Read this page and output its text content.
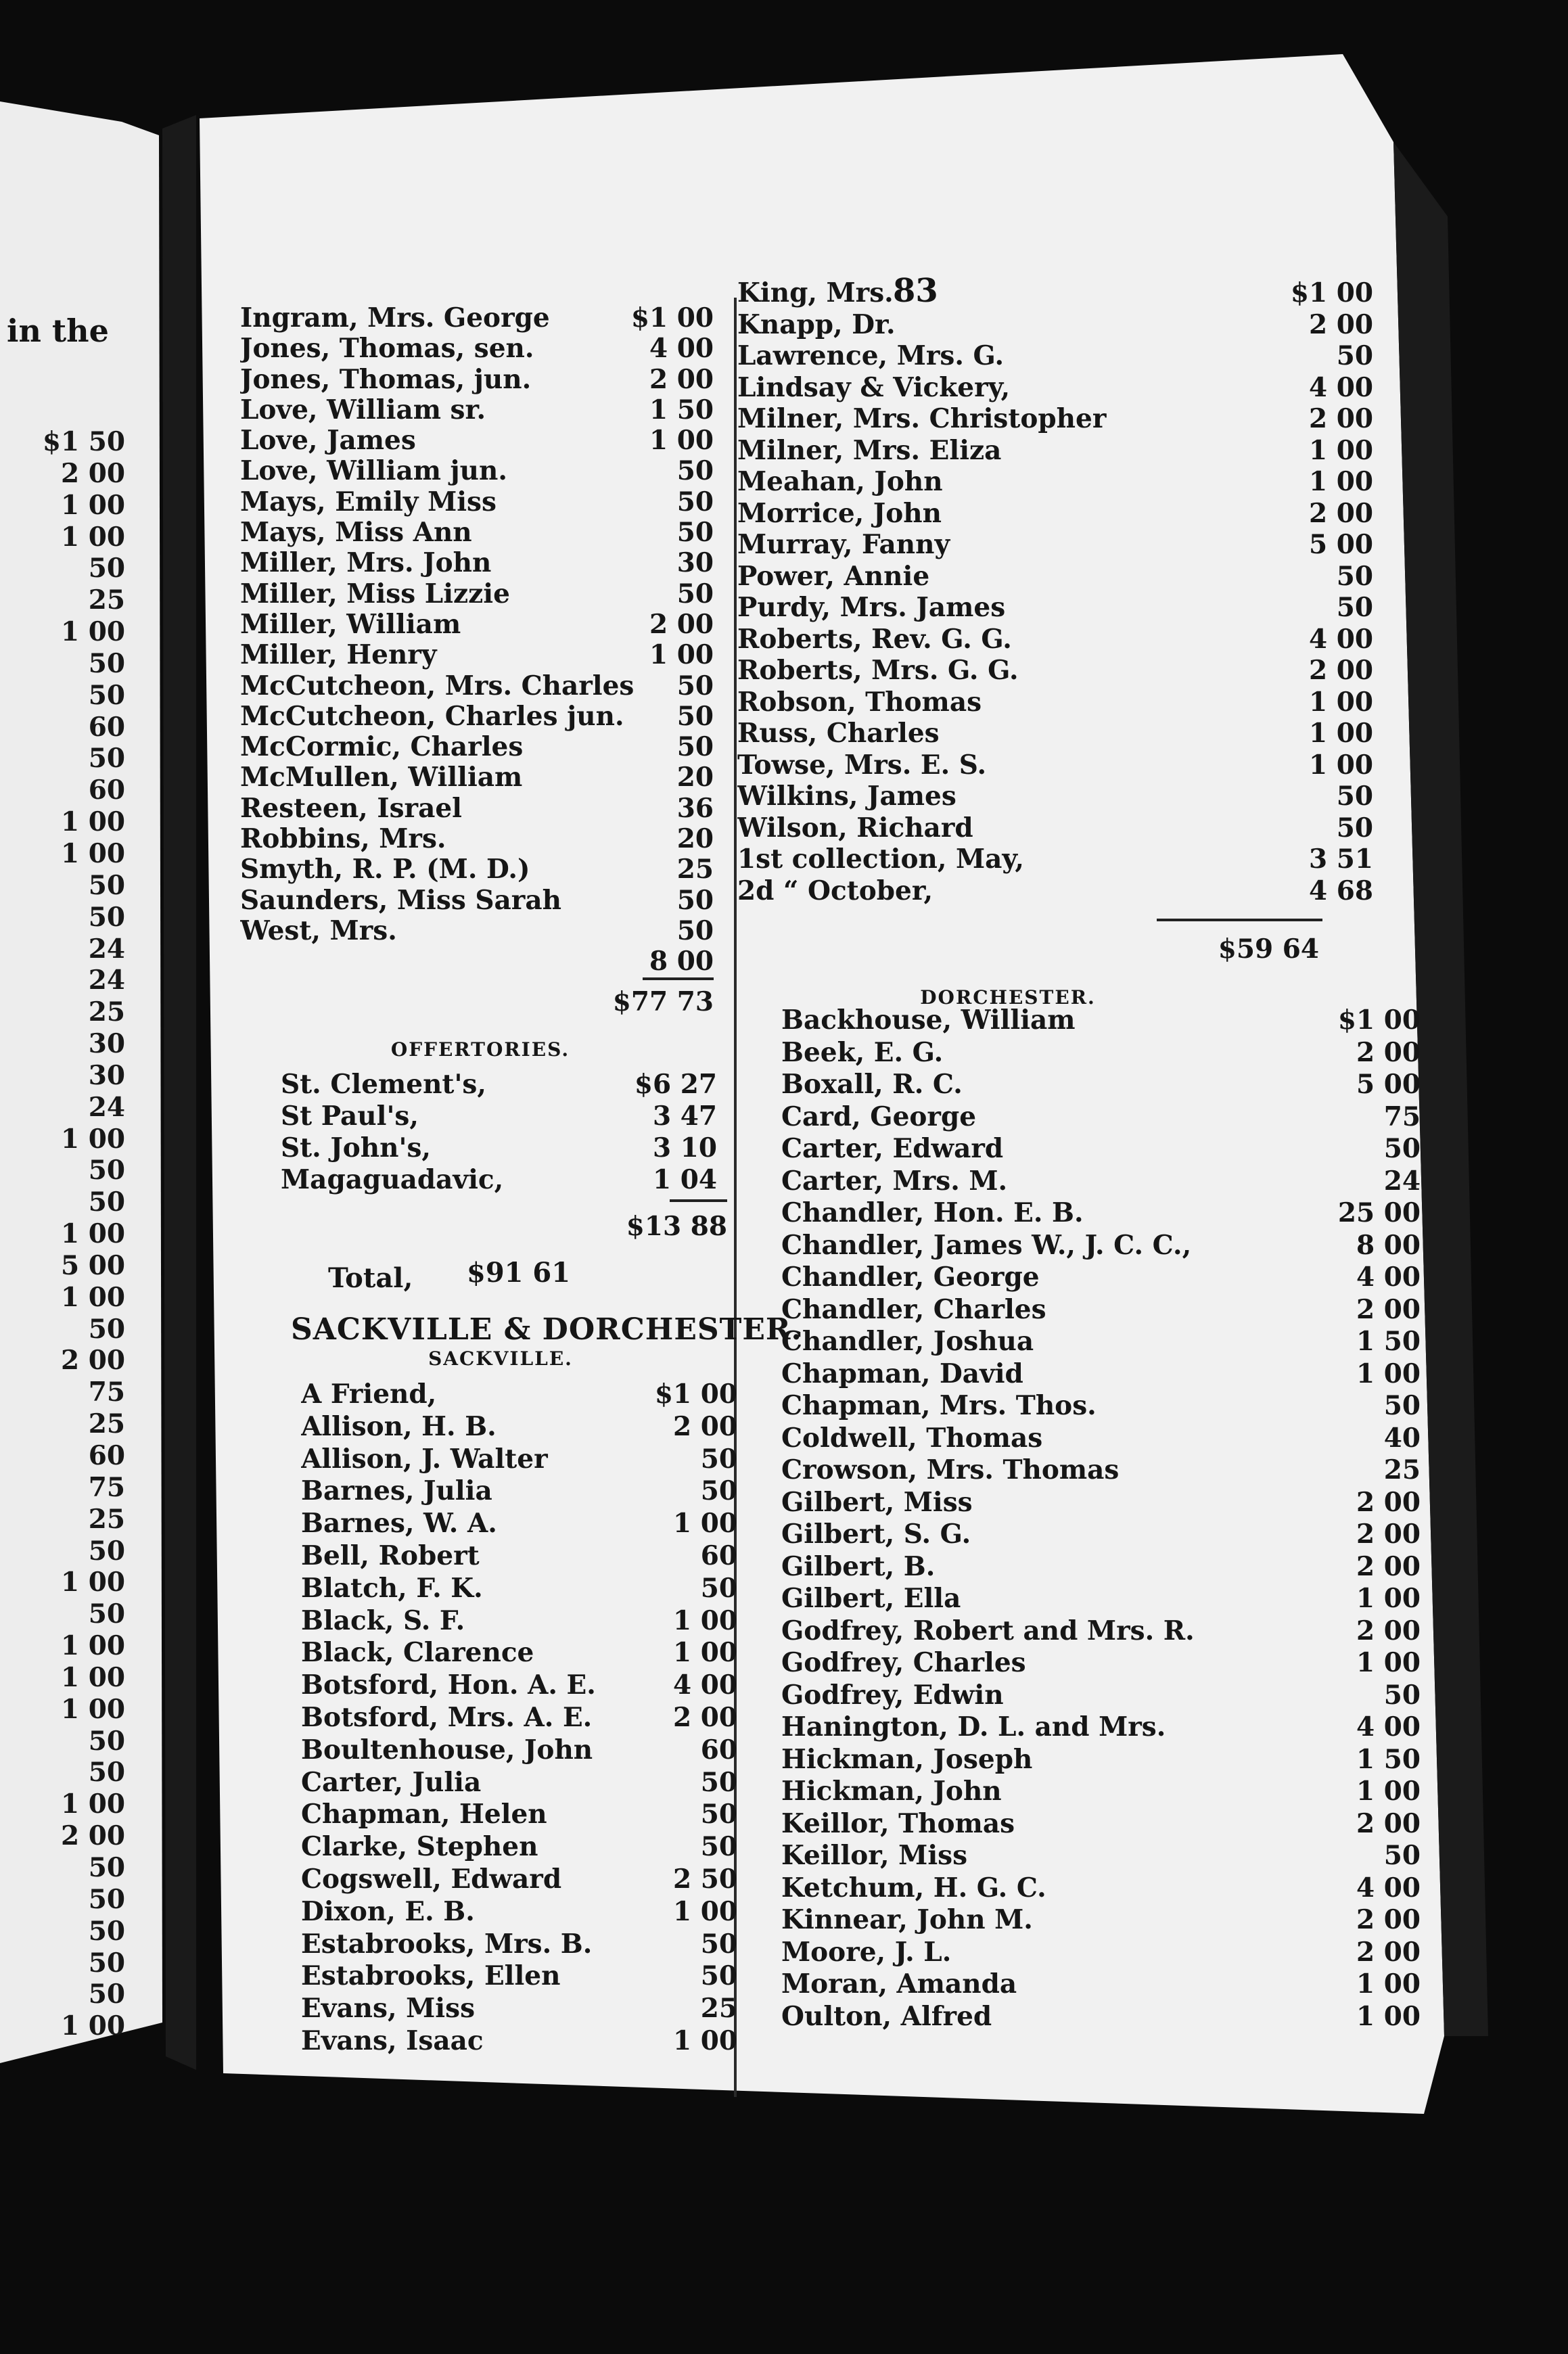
in the
$1 50
2 00
1 00
1 00
50
25
1 00
50
50
60
50
60
1 00
1 00
50
50
24
24
25
30
30
24
1 00
50
50
1 00
5 00
1 00
50
2 00
75
25
60
75
25
50
1 00
50
1 00
1 00
1 00
50
50
1 00
2 00
50
50
50
50
50
1 00
83
Ingram, Mrs. George	$1 00
Jones, Thomas, sen.	4 00
Jones, Thomas, jun.	2 00
Love, William sr.	1 50
Love, James	1 00
Love, William jun.	50
Mays, Emily Miss	50
Mays, Miss Ann	50
Miller, Mrs. John	30
Miller, Miss Lizzie	50
Miller, William	2 00
Miller, Henry	1 00
McCutcheon, Mrs. Charles	50
McCutcheon, Charles jun.	50
McCormic, Charles	50
McMullen, William	20
Resteen, Israel	36
Robbins, Mrs.	20
Smyth, R. P. (M. D.)	25
Saunders, Miss Sarah	50
West, Mrs.	50
8 00
$77 73
OFFERTORIES.
St. Clement's,	$6 27
St Paul's,	3 47
St. John's,	3 10
Magaguadavic,	1 04
$13 88
Total, $91 61
SACKVILLE & DORCHESTER.
SACKVILLE.
A Friend,	$1 00
Allison, H. B.	2 00
Allison, J. Walter	50
Barnes, Julia	50
Barnes, W. A.	1 00
Bell, Robert	60
Blatch, F. K.	50
Black, S. F.	1 00
Black, Clarence	1 00
Botsford, Hon. A. E.	4 00
Botsford, Mrs. A. E.	2 00
Boultenhouse, John	60
Carter, Julia	50
Chapman, Helen	50
Clarke, Stephen	50
Cogswell, Edward	2 50
Dixon, E. B.	1 00
Estabrooks, Mrs. B.	50
Estabrooks, Ellen	50
Evans, Miss	25
Evans, Isaac	1 00
King, Mrs.	$1 00
Knapp, Dr.	2 00
Lawrence, Mrs. G.	50
Lindsay & Vickery,	4 00
Milner, Mrs. Christopher	2 00
Milner, Mrs. Eliza	1 00
Meahan, John	1 00
Morrice, John	2 00
Murray, Fanny	5 00
Power, Annie	50
Purdy, Mrs. James	50
Roberts, Rev. G. G.	4 00
Roberts, Mrs. G. G.	2 00
Robson, Thomas	1 00
Russ, Charles	1 00
Towse, Mrs. E. S.	1 00
Wilkins, James	50
Wilson, Richard	50
1st collection, May,	3 51
2d “ October,	4 68
$59 64
DORCHESTER.
Backhouse, William	$1 00
Beek, E. G.	2 00
Boxall, R. C.	5 00
Card, George	75
Carter, Edward	50
Carter, Mrs. M.	24
Chandler, Hon. E. B.	25 00
Chandler, James W., J. C. C.,	8 00
Chandler, George	4 00
Chandler, Charles	2 00
Chandler, Joshua	1 50
Chapman, David	1 00
Chapman, Mrs. Thos.	50
Coldwell, Thomas	40
Crowson, Mrs. Thomas	25
Gilbert, Miss	2 00
Gilbert, S. G.	2 00
Gilbert, B.	2 00
Gilbert, Ella	1 00
Godfrey, Robert and Mrs. R.	2 00
Godfrey, Charles	1 00
Godfrey, Edwin	50
Hanington, D. L. and Mrs.	4 00
Hickman, Joseph	1 50
Hickman, John	1 00
Keillor, Thomas	2 00
Keillor, Miss	50
Ketchum, H. G. C.	4 00
Kinnear, John M.	2 00
Moore, J. L.	2 00
Moran, Amanda	1 00
Oulton, Alfred	1 00
